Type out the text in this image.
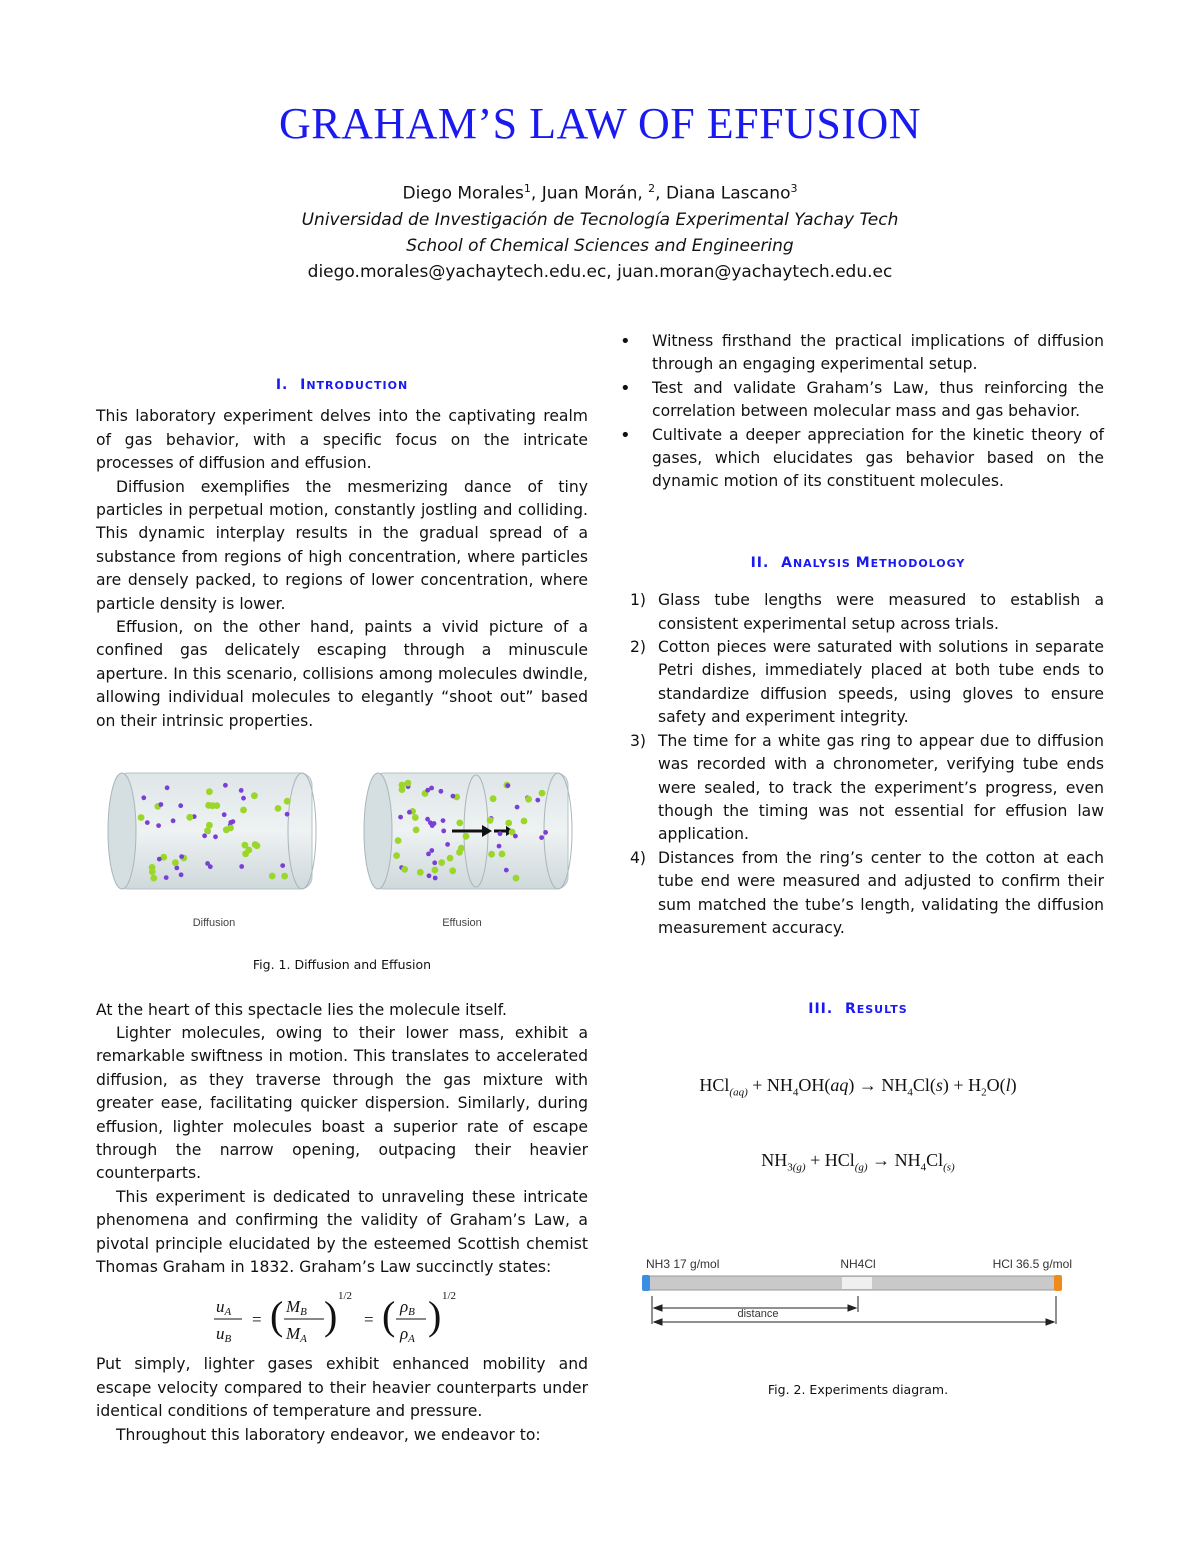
GRAHAM’S LAW OF EFFUSION
Diego Morales$^1$, Juan Morán, $^2$, Diana Lascano$^3$
Universidad de Investigación de Tecnología Experimental Yachay Tech
School of Chemical Sciences and Engineering
diego.morales@yachaytech.edu.ec, juan.moran@yachaytech.edu.ec
I. INTRODUCTION

This laboratory experiment delves into the captivating realm of gas behavior, with a specific focus on the intricate processes of diffusion and effusion.

Diffusion exemplifies the mesmerizing dance of tiny particles in perpetual motion, constantly jostling and colliding. This dynamic interplay results in the gradual spread of a substance from regions of high concentration, where particles are densely packed, to regions of lower concentration, where particle density is lower.

Effusion, on the other hand, paints a vivid picture of a confined gas delicately escaping through a minuscule aperture. In this scenario, collisions among molecules dwindle, allowing individual molecules to elegantly “shoot out” based on their intrinsic properties.

Diffusion	Effusion
Fig. 1. Diffusion and Effusion

At the heart of this spectacle lies the molecule itself.

Lighter molecules, owing to their lower mass, exhibit a remarkable swiftness in motion. This translates to accelerated diffusion, as they traverse through the gas mixture with greater ease, facilitating quicker dispersion. Similarly, during effusion, lighter molecules boast a superior rate of escape through the narrow opening, outpacing their heavier counterparts.

This experiment is dedicated to unraveling these intricate phenomena and confirming the validity of Graham’s Law, a pivotal principle elucidated by the esteemed Scottish chemist Thomas Graham in 1832. Graham’s Law succinctly states:

uA
uB
= ( MB
MA
) 1/2
= ( ρB
ρA
) 1/2

Put simply, lighter gases exhibit enhanced mobility and escape velocity compared to their heavier counterparts under identical conditions of temperature and pressure.

Throughout this laboratory endeavor, we endeavor to:

• Witness firsthand the practical implications of diffusion through an engaging experimental setup.
• Test and validate Graham’s Law, thus reinforcing the correlation between molecular mass and gas behavior.
• Cultivate a deeper appreciation for the kinetic theory of gases, which elucidates gas behavior based on the dynamic motion of its constituent molecules.
II. ANALYSIS METHODOLOGY
1) Glass tube lengths were measured to establish a consistent experimental setup across trials.
2) Cotton pieces were saturated with solutions in separate Petri dishes, immediately placed at both tube ends to standardize diffusion speeds, using gloves to ensure safety and experiment integrity.
3) The time for a white gas ring to appear due to diffusion was recorded with a chronometer, verifying tube ends were sealed, to track the experiment’s progress, even though the timing was not essential for effusion law application.
4) Distances from the ring’s center to the cotton at each tube end were measured and adjusted to confirm their sum matched the tube’s length, validating the diffusion measurement accuracy.
III. RESULTS
$HCl_{(aq)} + NH_4OH(aq) \to NH_4Cl(s) + H_2O(l)$
$NH_{3(g)} + HCl_{(g)} \to NH_4Cl_{(s)}$
NH3 17 g/mol	NH4Cl	HCl 36.5 g/mol
distance
Fig. 2. Experiments diagram.
